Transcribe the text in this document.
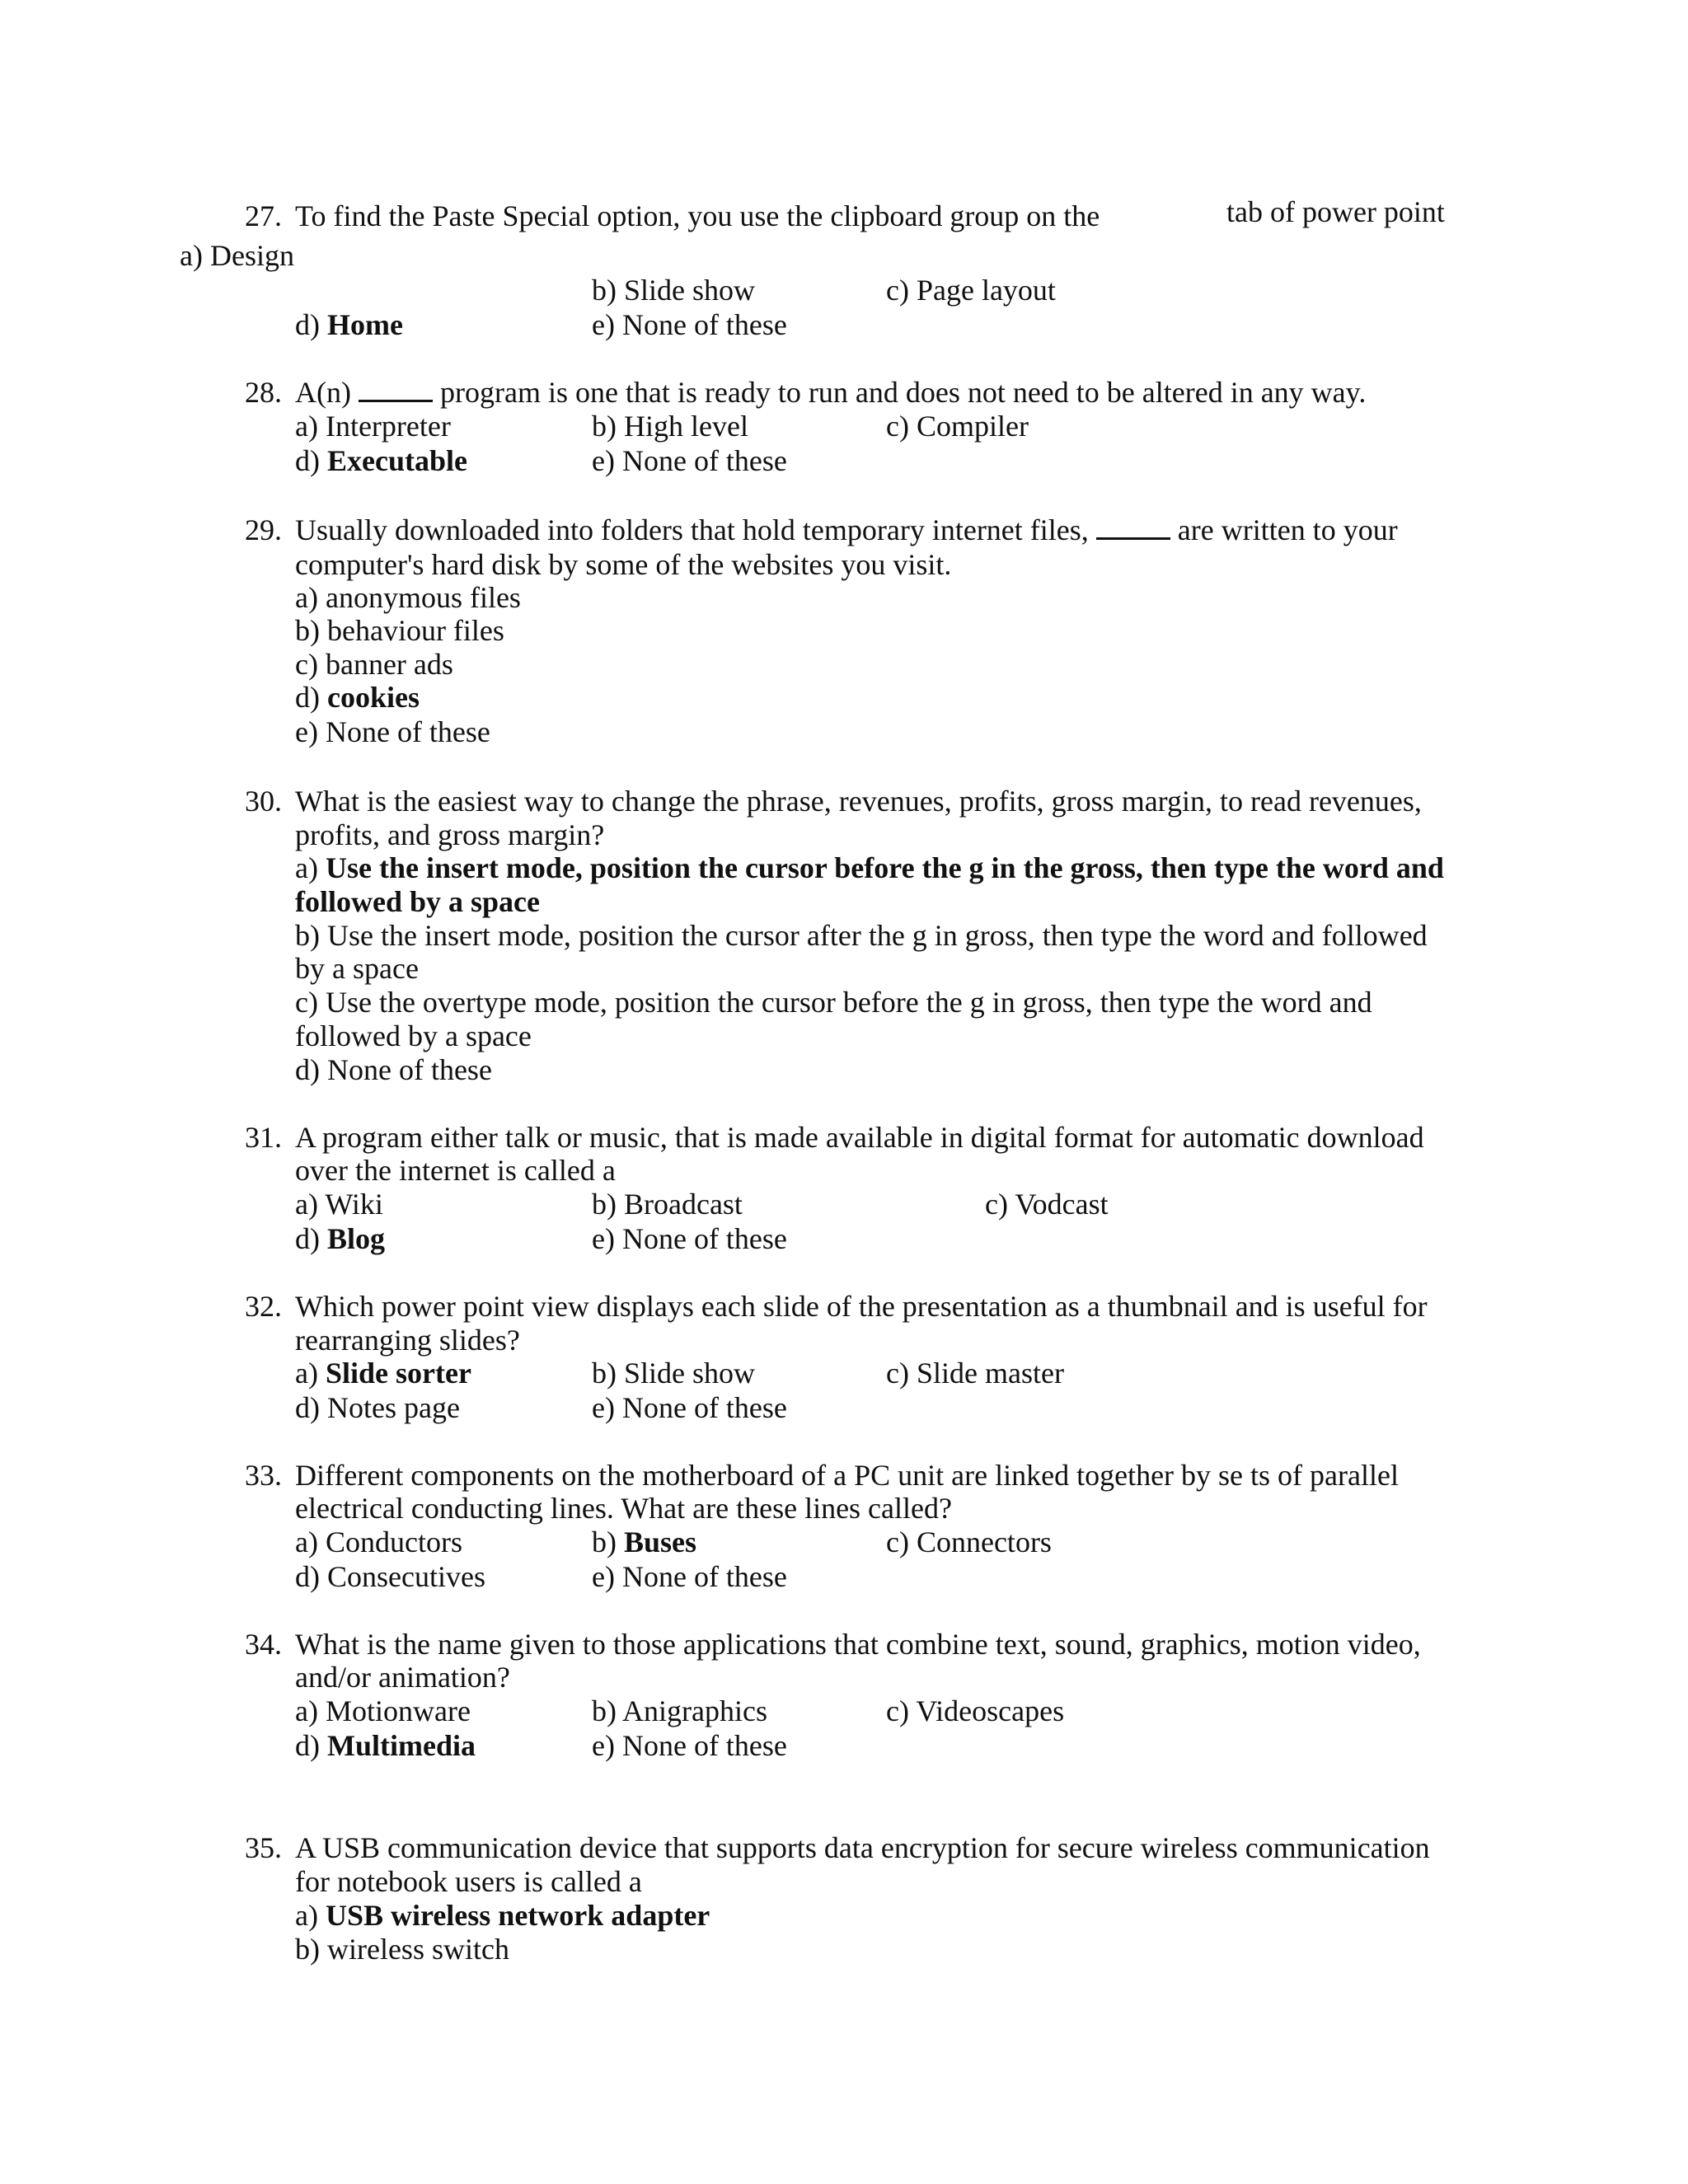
27. To find the Paste Special option, you use the clipboard group on the	tab of power point
a) Design
b) Slide show	c) Page layout
d) Home	e) None of these
28. A(n)	program is one that is ready to run and does not need to be altered in any way.
a) Interpreter	b) High level	c) Compiler
d) Executable	e) None of these
29. Usually downloaded into folders that hold temporary internet files,	are written to your
computer's hard disk by some of the websites you visit.
a) anonymous files
b) behaviour files
c) banner ads
d) cookies
e) None of these
30. What is the easiest way to change the phrase, revenues, profits, gross margin, to read revenues,
profits, and gross margin?
a) Use the insert mode, position the cursor before the g in the gross, then type the word and
followed by a space
b) Use the insert mode, position the cursor after the g in gross, then type the word and followed
by a space
c) Use the overtype mode, position the cursor before the g in gross, then type the word and
followed by a space
d) None of these
31. A program either talk or music, that is made available in digital format for automatic download
over the internet is called a
a) Wiki	b) Broadcast	c) Vodcast
d) Blog	e) None of these
32. Which power point view displays each slide of the presentation as a thumbnail and is useful for
rearranging slides?
a) Slide sorter	b) Slide show	c) Slide master
d) Notes page	e) None of these
33. Different components on the motherboard of a PC unit are linked together by se ts of parallel
electrical conducting lines. What are these lines called?
a) Conductors	b) Buses	c) Connectors
d) Consecutives	e) None of these
34. What is the name given to those applications that combine text, sound, graphics, motion video,
and/or animation?
a) Motionware	b) Anigraphics	c) Videoscapes
d) Multimedia	e) None of these
35. A USB communication device that supports data encryption for secure wireless communication
for notebook users is called a
a) USB wireless network adapter
b) wireless switch
